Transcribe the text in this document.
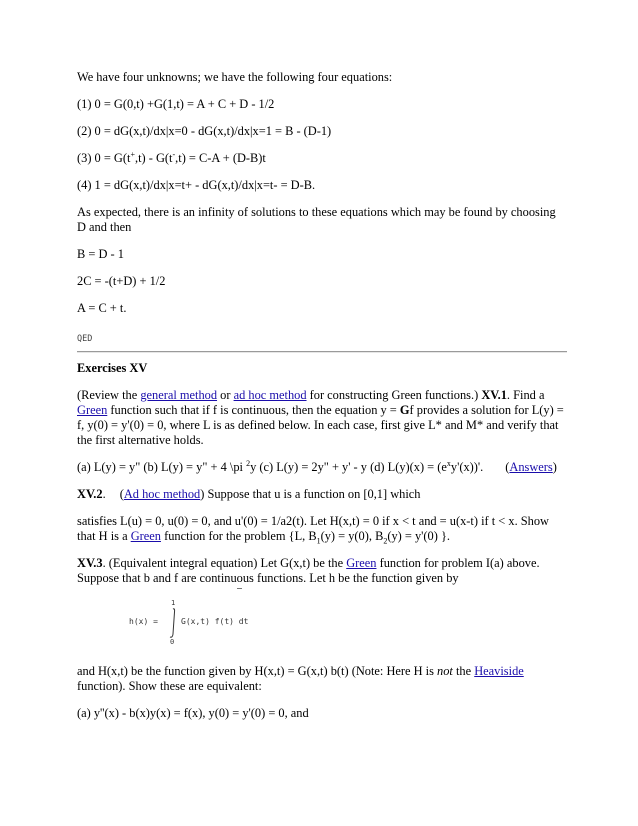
We have four unknowns; we have the following four equations:

(1) 0 = G(0,t) +G(1,t) = A + C + D - 1/2

(2) 0 = dG(x,t)/dx|x=0 - dG(x,t)/dx|x=1 = B - (D-1)

(3) 0 = G(t+,t) - G(t-,t) = C-A + (D-B)t

(4) 1 = dG(x,t)/dx|x=t+ - dG(x,t)/dx|x=t- = D-B.

As expected, there is an infinity of solutions to these equations which may be found by choosing D and then

B = D - 1

2C = -(t+D) + 1/2

A = C + t.

QED

Exercises XV

(Review the general method or ad hoc method for constructing Green functions.) XV.1. Find a Green function such that if f is continuous, then the equation y = Gf provides a solution for L(y) = f, y(0) = y'(0) = 0, where L is as defined below. In each case, first give L* and M* and verify that the first alternative holds.

(a) L(y) = y" (b) L(y) = y" + 4 \pi $^2$y (c) L(y) = 2y" + y' - y (d) $L(y)(x) = (e^xy'(x))'$. (Answers)

XV.2. (Ad hoc method) Suppose that u is a function on [0,1] which

satisfies L(u) = 0, u(0) = 0, and u'(0) = 1/a2(t). Let H(x,t) = 0 if x < t and = u(x-t) if t < x. Show that H is a Green function for the problem {L, $B_1(y) = y(0)$, $B_2(y) = y'(0)$ }.

XV.3. (Equivalent integral equation) Let G(x,t) be the Green function for problem I(a) above. Suppose that b and f are continuous functions. Let h be the function given by

h(x) =
1
0
G(x,t) f(t) dt

and H(x,t) be the function given by H(x,t) = G(x,t) b(t) (Note: Here H is not the Heaviside function). Show these are equivalent:

(a) y''(x) - b(x)y(x) = f(x), y(0) = y'(0) = 0, and
